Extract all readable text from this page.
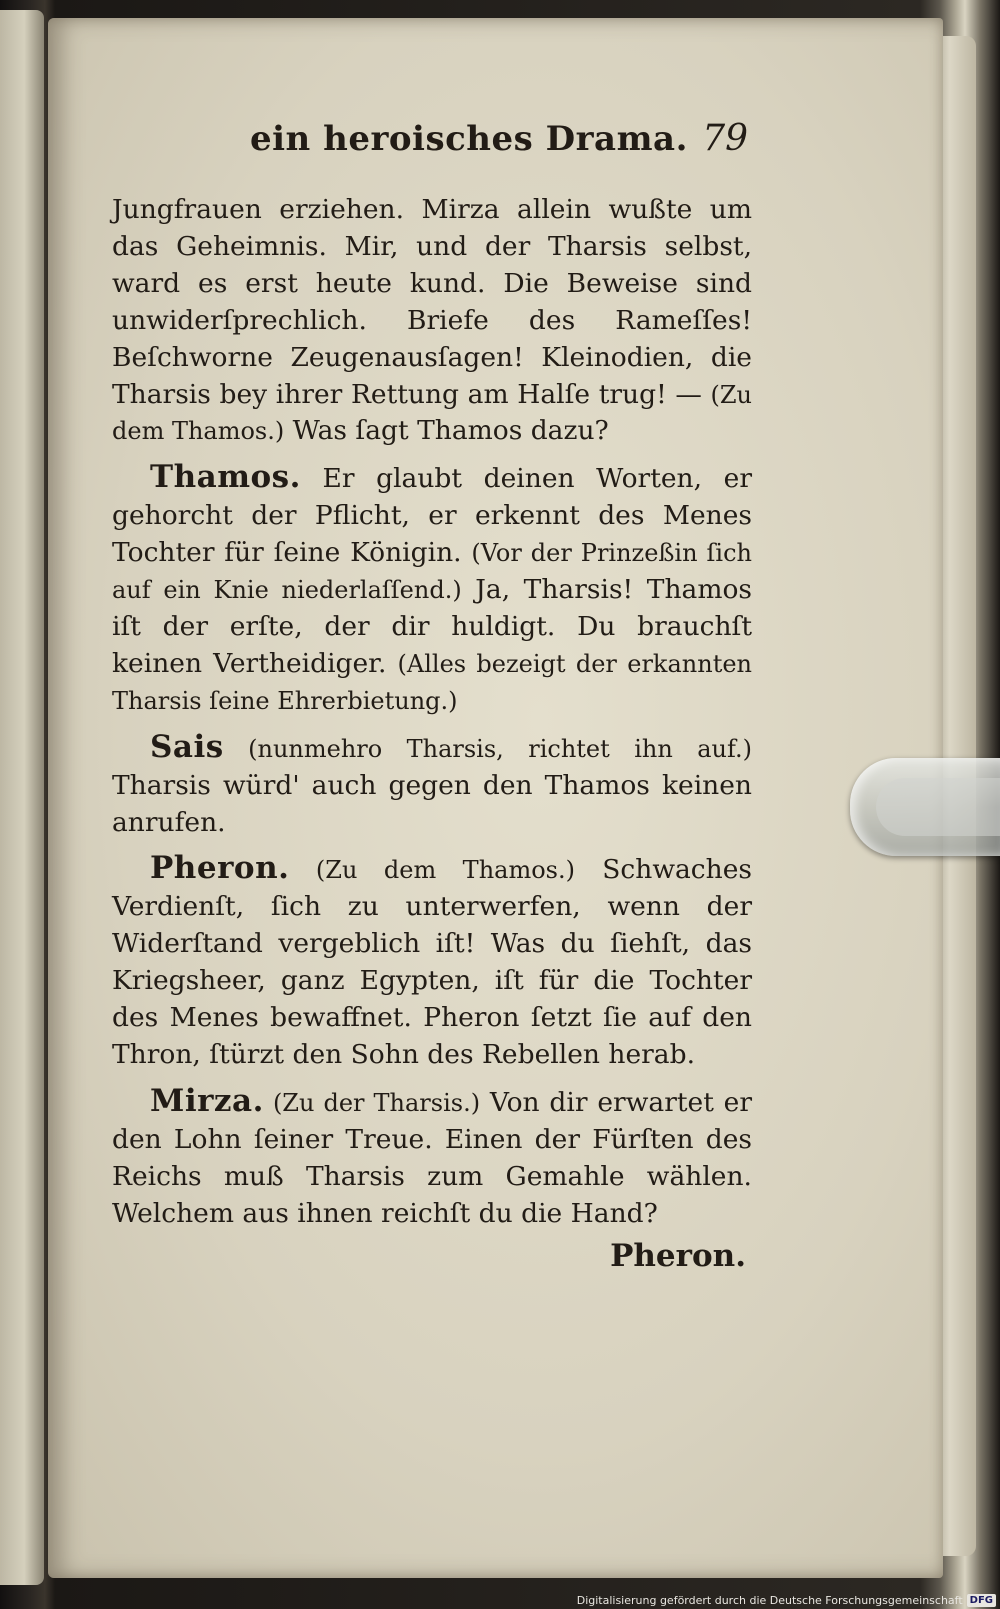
ein heroisches Drama. 79

Jungfrauen erziehen. Mirza allein wußte um das Geheimnis. Mir, und der Tharsis selbst, ward es erst heute kund. Die Beweise sind unwiderſprechlich. Briefe des Rameſſes! Beſchworne Zeugenausſagen! Kleinodien, die Tharsis bey ihrer Rettung am Halſe trug! — (Zu dem Thamos.) Was ſagt Thamos dazu?

Thamos. Er glaubt deinen Worten, er gehorcht der Pflicht, er erkennt des Menes Tochter für ſeine Königin. (Vor der Prinzeßin ſich auf ein Knie niederlaſſend.) Ja, Tharsis! Thamos iſt der erſte, der dir huldigt. Du brauchſt keinen Vertheidiger. (Alles bezeigt der erkannten Tharsis ſeine Ehrerbietung.)

Sais (nunmehro Tharsis, richtet ihn auf.) Tharsis würd' auch gegen den Thamos keinen anrufen.

Pheron. (Zu dem Thamos.) Schwaches Verdienſt, ſich zu unterwerfen, wenn der Widerſtand vergeblich iſt! Was du ſiehſt, das Kriegsheer, ganz Egypten, iſt für die Tochter des Menes bewaffnet. Pheron ſetzt ſie auf den Thron, ſtürzt den Sohn des Rebellen herab.

Mirza. (Zu der Tharsis.) Von dir erwartet er den Lohn ſeiner Treue. Einen der Fürſten des Reichs muß Tharsis zum Gemahle wählen. Welchem aus ihnen reichſt du die Hand?

Pheron.
Digitalisierung gefördert durch die Deutsche Forschungsgemeinschaft DFG
